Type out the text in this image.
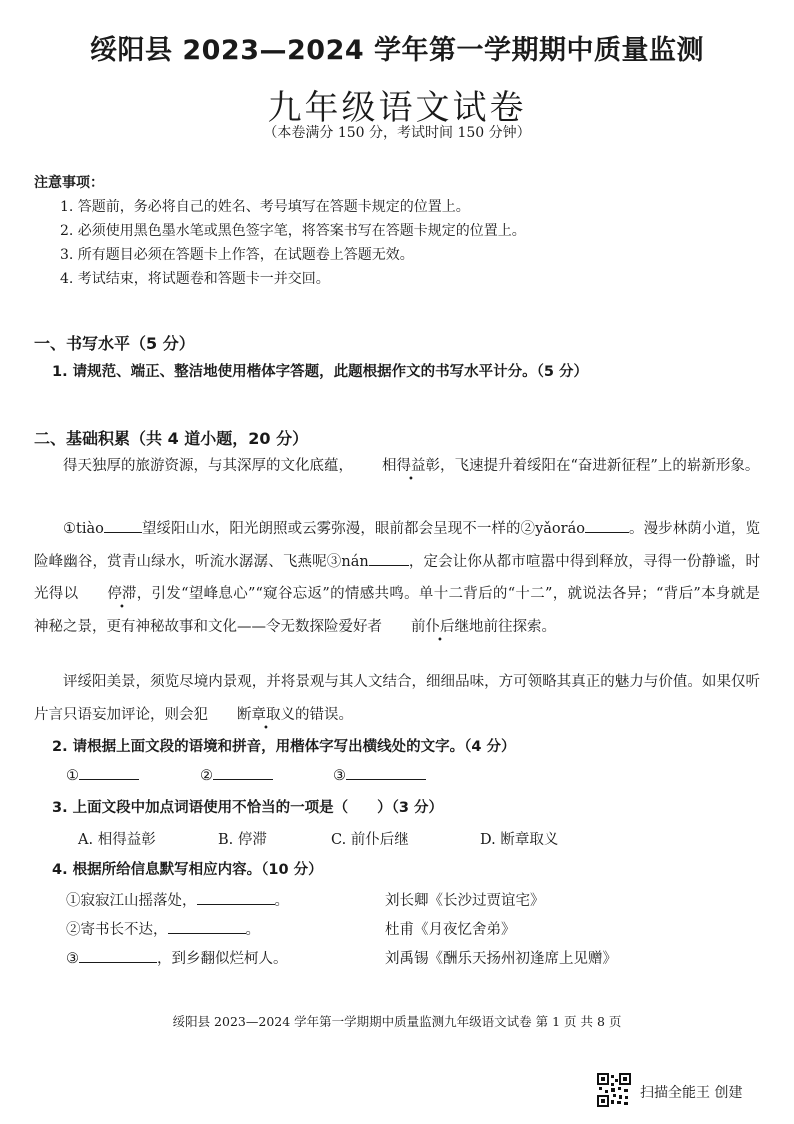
绥阳县 2023—2024 学年第一学期期中质量监测
九年级语文试卷
（本卷满分 150 分，考试时间 150 分钟）
注意事项：
1. 答题前，务必将自己的姓名、考号填写在答题卡规定的位置上。
2. 必须使用黑色墨水笔或黑色签字笔，将答案书写在答题卡规定的位置上。
3. 所有题目必须在答题卡上作答，在试题卷上答题无效。
4. 考试结束，将试题卷和答题卡一并交回。
一、书写水平（5 分）
1. 请规范、端正、整洁地使用楷体字答题，此题根据作文的书写水平计分。（5 分）
二、基础积累（共 4 道小题，20 分）
得天独厚的旅游资源，与其深厚的文化底蕴， 相得益彰，飞速提升着绥阳在“奋进新征程”上的崭新形象。
①tiào	望绥阳山水，阳光朗照或云雾弥漫，眼前都会呈现不一样的②yǎoráo	。漫步林荫小道，览险峰幽谷，赏青山绿水，听流水潺潺、飞燕呢③nán	，定会让你从都市喧嚣中得到释放，寻得一份静谧，时光得以 停滞，引发“望峰息心”“窥谷忘返”的情感共鸣。单十二背后的“十二”，就说法各异；“背后”本身就是神秘之景，更有神秘故事和文化——令无数探险爱好者 前仆后继地前往探索。
评绥阳美景，须览尽境内景观，并将景观与其人文结合，细细品味，方可领略其真正的魅力与价值。如果仅听片言只语妄加评论，则会犯 断章取义的错误。
2. 请根据上面文段的语境和拼音，用楷体字写出横线处的文字。（4 分）
①	②	③
3. 上面文段中加点词语使用不恰当的一项是（　　）（3 分）
A. 相得益彰	B. 停滞	C. 前仆后继	D. 断章取义
4. 根据所给信息默写相应内容。（10 分）
①寂寂江山摇落处，	。	刘长卿《长沙过贾谊宅》
②寄书长不达，	。	杜甫《月夜忆舍弟》
③	，到乡翻似烂柯人。	刘禹锡《酬乐天扬州初逢席上见赠》
绥阳县 2023—2024 学年第一学期期中质量监测九年级语文试卷 第 1 页 共 8 页
扫描全能王 创建
